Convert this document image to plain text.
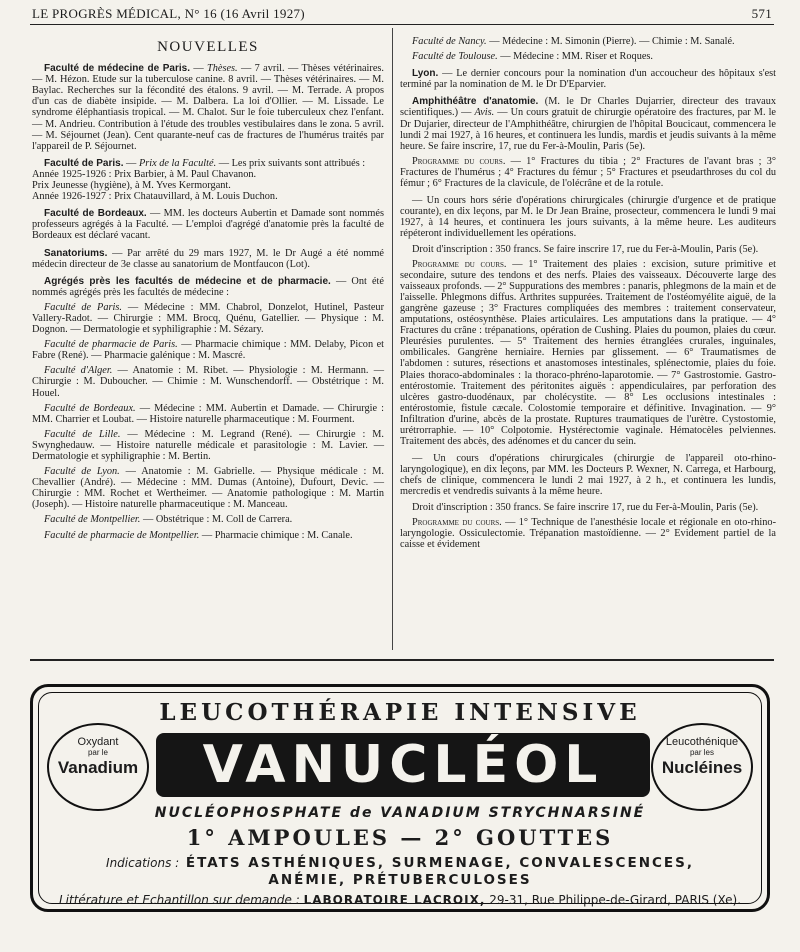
LE PROGRÈS MÉDICAL, N° 16 (16 Avril 1927)	571
NOUVELLES

Faculté de médecine de Paris. — Thèses. — 7 avril. — Thèses vétérinaires. — M. Hézon. Etude sur la tuberculose canine. 8 avril. — Thèses vétérinaires. — M. Baylac. Recherches sur la fécondité des étalons. 9 avril. — M. Terrade. A propos d'un cas de diabète insipide. — M. Dalbera. La loi d'Ollier. — M. Lissade. Le syndrome éléphantiasis tropical. — M. Chalot. Sur le foie tuberculeux chez l'enfant. — M. Andrieu. Contribution à l'étude des troubles vestibulaires dans le zona. 5 avril. — M. Séjournet (Jean). Cent quarante-neuf cas de fractures de l'humérus traités par l'appareil de P. Séjournet.

Faculté de Paris. — Prix de la Faculté. — Les prix suivants sont attribués :
Année 1925-1926 : Prix Barbier, à M. Paul Chavanon.
Prix Jeunesse (hygiène), à M. Yves Kermorgant.
Année 1926-1927 : Prix Chatauvillard, à M. Louis Duchon.

Faculté de Bordeaux. — MM. les docteurs Aubertin et Damade sont nommés professeurs agrégés à la Faculté. — L'emploi d'agrégé d'anatomie près la faculté de Bordeaux est déclaré vacant.

Sanatoriums. — Par arrêté du 29 mars 1927, M. le Dr Augé a été nommé médecin directeur de 3e classe au sanatorium de Montfaucon (Lot).

Agrégés près les facultés de médecine et de pharmacie. — Ont été nommés agrégés près les facultés de médecine :

Faculté de Paris. — Médecine : MM. Chabrol, Donzelot, Hutinel, Pasteur Vallery-Radot. — Chirurgie : MM. Brocq, Quénu, Gatellier. — Physique : M. Dognon. — Dermatologie et syphiligraphie : M. Sézary.

Faculté de pharmacie de Paris. — Pharmacie chimique : MM. Delaby, Picon et Fabre (René). — Pharmacie galénique : M. Mascré.

Faculté d'Alger. — Anatomie : M. Ribet. — Physiologie : M. Hermann. — Chirurgie : M. Duboucher. — Chimie : M. Wunschendorff. — Obstétrique : M. Houel.

Faculté de Bordeaux. — Médecine : MM. Aubertin et Damade. — Chirurgie : MM. Charrier et Loubat. — Histoire naturelle pharmaceutique : M. Fourment.

Faculté de Lille. — Médecine : M. Legrand (René). — Chirurgie : M. Swynghedauw. — Histoire naturelle médicale et parasitologie : M. Lavier. — Dermatologie et syphiligraphie : M. Bertin.

Faculté de Lyon. — Anatomie : M. Gabrielle. — Physique médicale : M. Chevallier (André). — Médecine : MM. Dumas (Antoine), Dufourt, Devic. — Chirurgie : MM. Rochet et Wertheimer. — Anatomie pathologique : M. Martin (Joseph). — Histoire naturelle pharmaceutique : M. Manceau.

Faculté de Montpellier. — Obstétrique : M. Coll de Carrera.

Faculté de pharmacie de Montpellier. — Pharmacie chimique : M. Canale.

Faculté de Nancy. — Médecine : M. Simonin (Pierre). — Chimie : M. Sanalé.

Faculté de Toulouse. — Médecine : MM. Riser et Roques.

Lyon. — Le dernier concours pour la nomination d'un accoucheur des hôpitaux s'est terminé par la nomination de M. le Dr D'Eparvier.

Amphithéâtre d'anatomie. (M. le Dr Charles Dujarrier, directeur des travaux scientifiques.) — Avis. — Un cours gratuit de chirurgie opératoire des fractures, par M. le Dr Dujarier, directeur de l'Amphithéâtre, chirurgien de l'hôpital Boucicaut, commencera le lundi 2 mai 1927, à 16 heures, et continuera les lundis, mardis et jeudis suivants à la même heure. Se faire inscrire, 17, rue du Fer-à-Moulin, Paris (5e).

Programme du cours. — 1° Fractures du tibia ; 2° Fractures de l'avant bras ; 3° Fractures de l'humérus ; 4° Fractures du fémur ; 5° Fractures et pseudarthroses du col du fémur ; 6° Fractures de la clavicule, de l'olécrâne et de la rotule.

— Un cours hors série d'opérations chirurgicales (chirurgie d'urgence et de pratique courante), en dix leçons, par M. le Dr Jean Braine, prosecteur, commencera le lundi 9 mai 1927, à 14 heures, et continuera les jours suivants, à la même heure. Les auditeurs répéteront individuellement les opérations.

Droit d'inscription : 350 francs. Se faire inscrire 17, rue du Fer-à-Moulin, Paris (5e).

Programme du cours. — 1° Traitement des plaies : excision, suture primitive et secondaire, suture des tendons et des nerfs. Plaies des vaisseaux. Découverte large des vaisseaux profonds. — 2° Suppurations des membres : panaris, phlegmons de la main et de l'aisselle. Phlegmons diffus. Arthrites suppurées. Traitement de l'ostéomyélite aiguë, de la gangrène gazeuse ; 3° Fractures compliquées des membres : traitement conservateur, amputations, ostéosynthèse. Plaies articulaires. Les amputations dans la pratique. — 4° Fractures du crâne : trépanations, opération de Cushing. Plaies du poumon, plaies du cœur. Pleurésies purulentes. — 5° Traitement des hernies étranglées crurales, inguinales, ombilicales. Gangrène herniaire. Hernies par glissement. — 6° Traumatismes de l'abdomen : sutures, résections et anastomoses intestinales, splénectomie, plaies du foie. Plaies thoraco-abdominales : la thoraco-phréno-laparotomie. — 7° Gastrostomie. Gastro-entérostomie. Traitement des péritonites aiguës : appendiculaires, par perforation des ulcères gastro-duodénaux, par cholécystite. — 8° Les occlusions intestinales : entérostomie, fistule cæcale. Colostomie temporaire et définitive. Invagination. — 9° Infiltration d'urine, abcès de la prostate. Ruptures traumatiques de l'urètre. Cystostomie, urétrorraphie. — 10° Colpotomie. Hystérectomie vaginale. Hématocèles pelviennes. Traitement des abcès, des adénomes et du cancer du sein.

— Un cours d'opérations chirurgicales (chirurgie de l'appareil oto-rhino-laryngologique), en dix leçons, par MM. les Docteurs P. Wexner, N. Carrega, et Harbourg, chefs de clinique, commencera le lundi 2 mai 1927, à 2 h., et continuera les lundis, mercredis et vendredis suivants à la même heure.

Droit d'inscription : 350 francs. Se faire inscrire 17, rue du Fer-à-Moulin, Paris (5e).

Programme du cours. — 1° Technique de l'anesthésie locale et régionale en oto-rhino-laryngologie. Ossiculectomie. Trépanation mastoïdienne. — 2° Evidement partiel de la caisse et évidement

LEUCOTHÉRAPIE INTENSIVE
Oxydant
par le
Vanadium	VANUCLÉOL	Leucothénique
par les
Nucléines
NUCLÉOPHOSPHATE de VANADIUM STRYCHNARSINÉ
1° AMPOULES — 2° GOUTTES
Indications : ÉTATS ASTHÉNIQUES, SURMENAGE, CONVALESCENCES,
ANÉMIE, PRÉTUBERCULOSES
Littérature et Echantillon sur demande : LABORATOIRE LACROIX, 29-31, Rue Philippe-de-Girard, PARIS (Xe).
